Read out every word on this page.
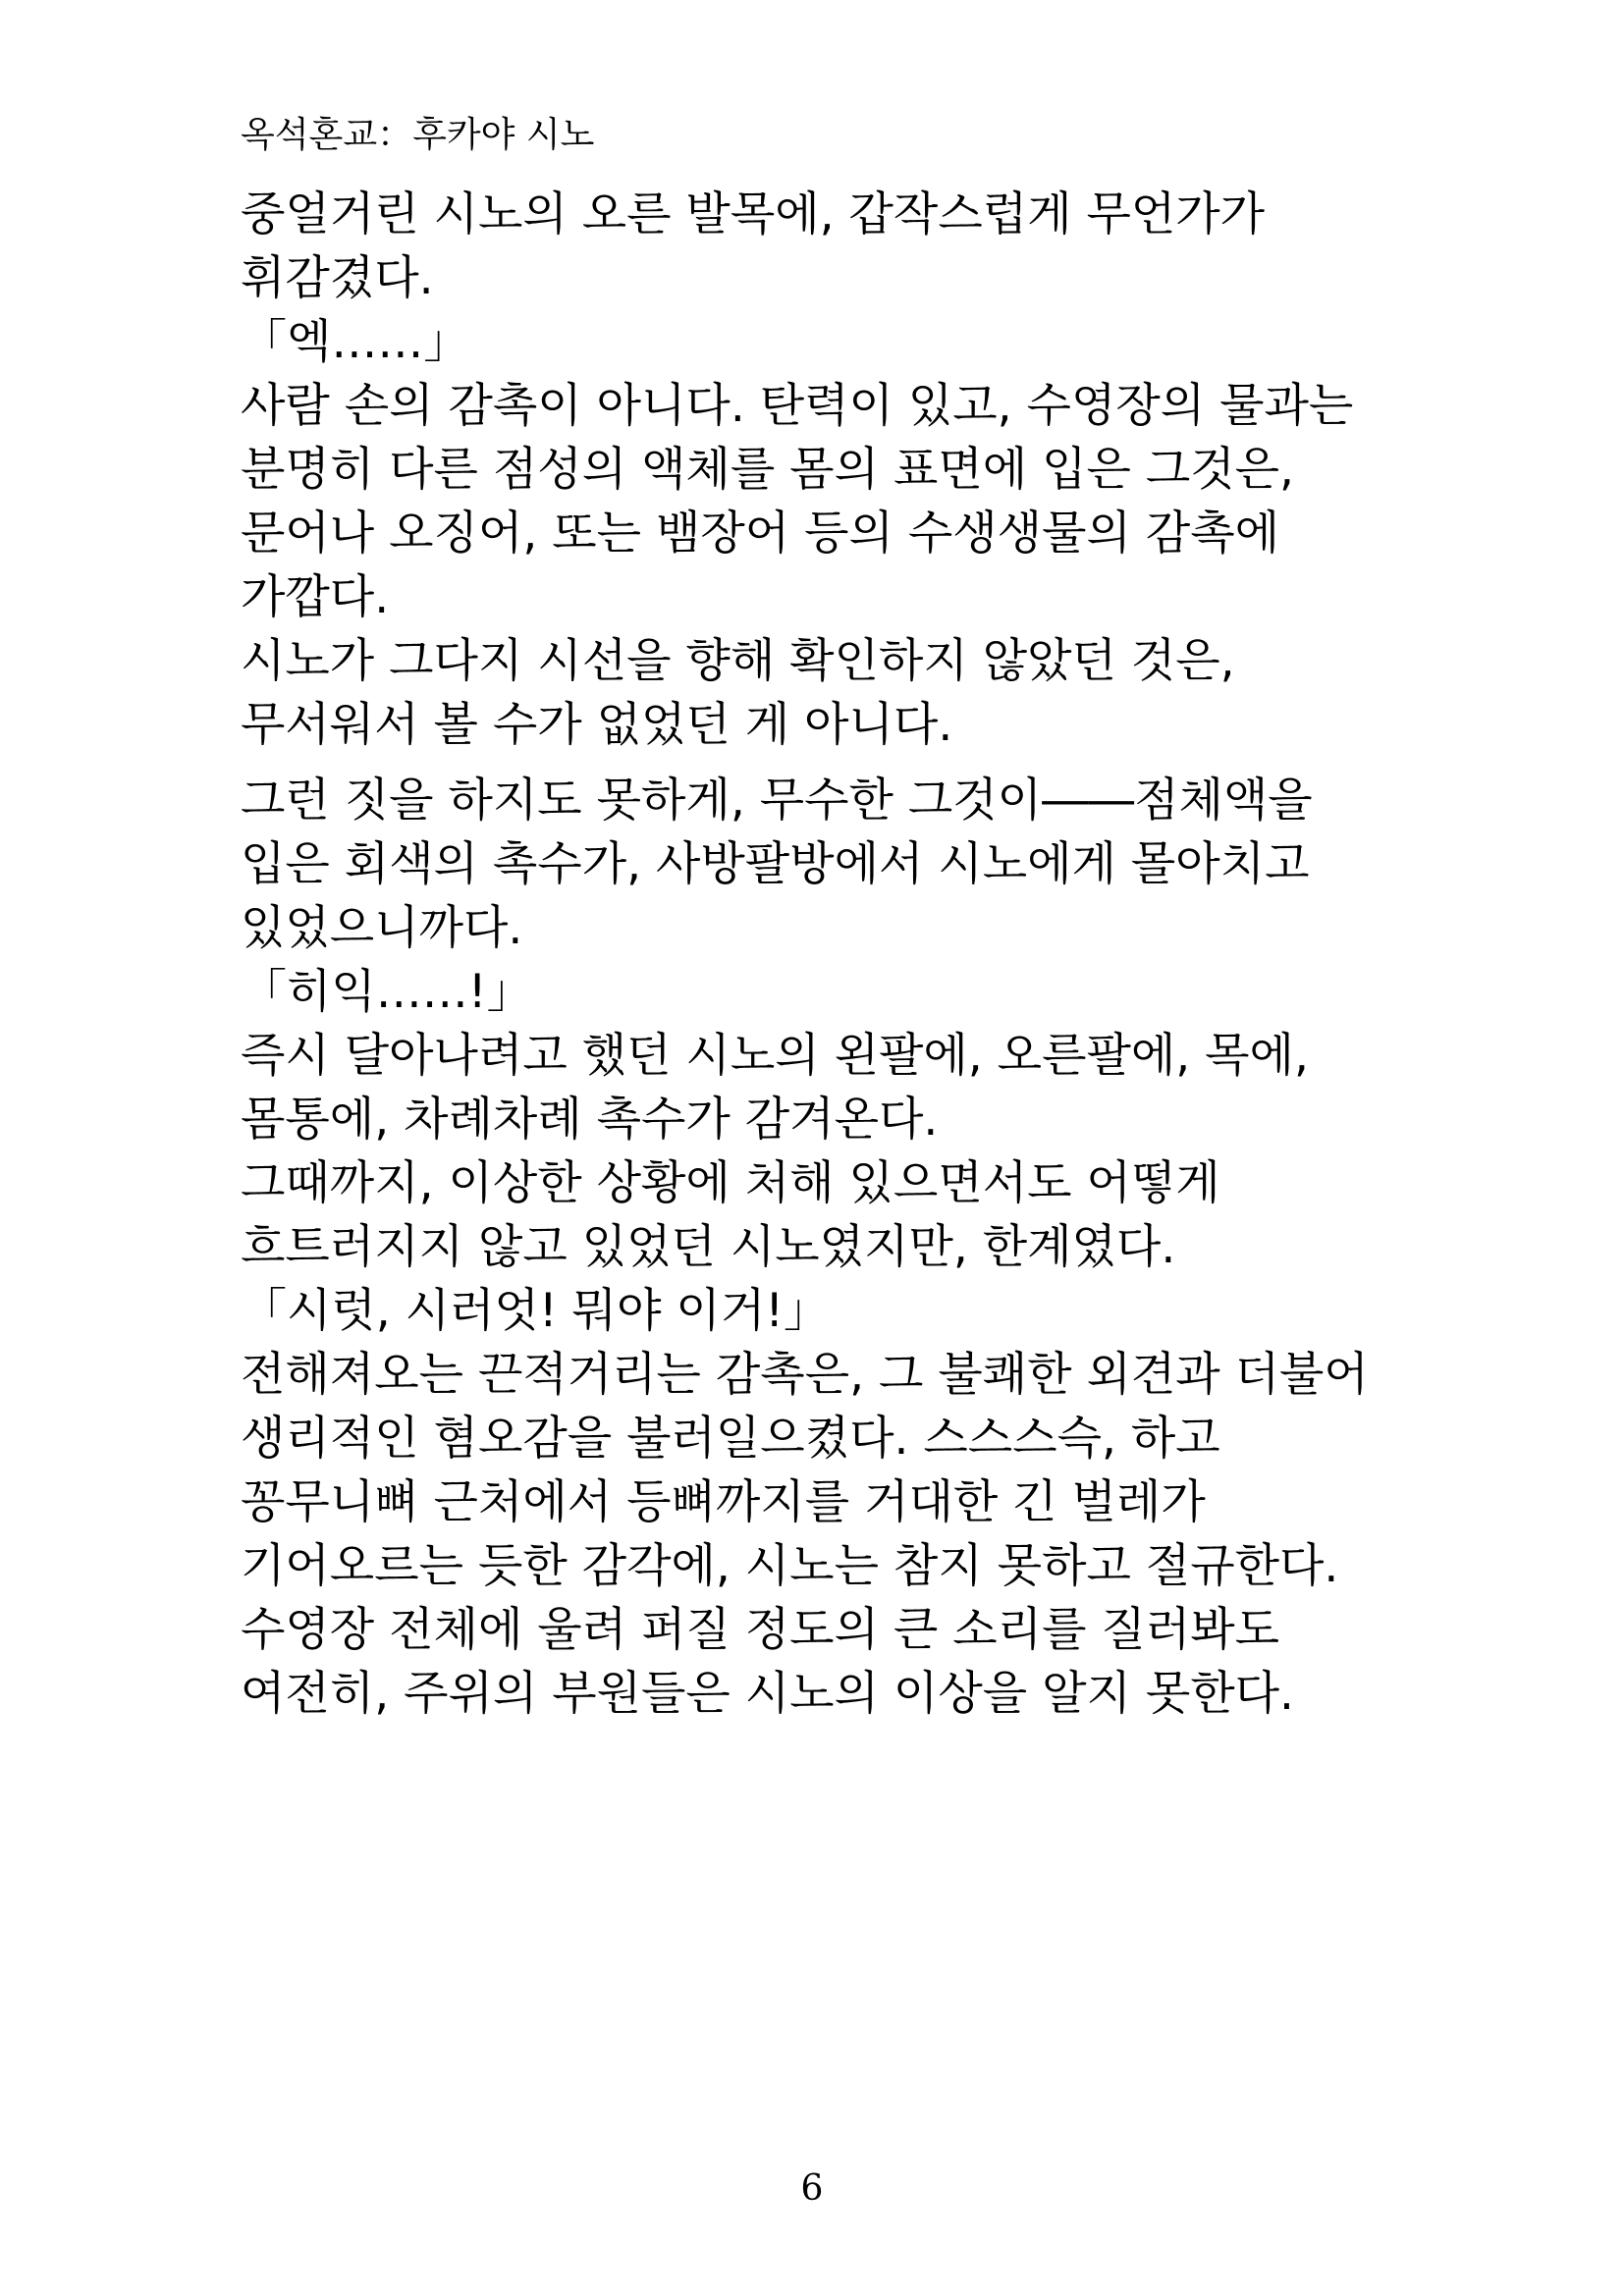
옥석혼교：후카야 시노
중얼거린 시노의 오른 발목에, 갑작스럽게 무언가가
휘감겼다.
「엑……」
사람 손의 감촉이 아니다. 탄력이 있고, 수영장의 물과는
분명히 다른 점성의 액체를 몸의 표면에 입은 그것은,
문어나 오징어, 또는 뱀장어 등의 수생생물의 감촉에
가깝다.
시노가 그다지 시선을 향해 확인하지 않았던 것은,
무서워서 볼 수가 없었던 게 아니다.
그런 짓을 하지도 못하게, 무수한 그것이――점체액을
입은 회색의 촉수가, 사방팔방에서 시노에게 몰아치고
있었으니까다.
「히익……!」
즉시 달아나려고 했던 시노의 왼팔에, 오른팔에, 목에,
몸통에, 차례차례 촉수가 감겨온다.
그때까지, 이상한 상황에 처해 있으면서도 어떻게
흐트러지지 않고 있었던 시노였지만, 한계였다.
「시럿, 시러엇! 뭐야 이거!」
전해져오는 끈적거리는 감촉은, 그 불쾌한 외견과 더불어
생리적인 혐오감을 불러일으켰다. 스스스슥, 하고
꽁무니뼈 근처에서 등뼈까지를 거대한 긴 벌레가
기어오르는 듯한 감각에, 시노는 참지 못하고 절규한다.
수영장 전체에 울려 퍼질 정도의 큰 소리를 질러봐도
여전히, 주위의 부원들은 시노의 이상을 알지 못한다.
6
